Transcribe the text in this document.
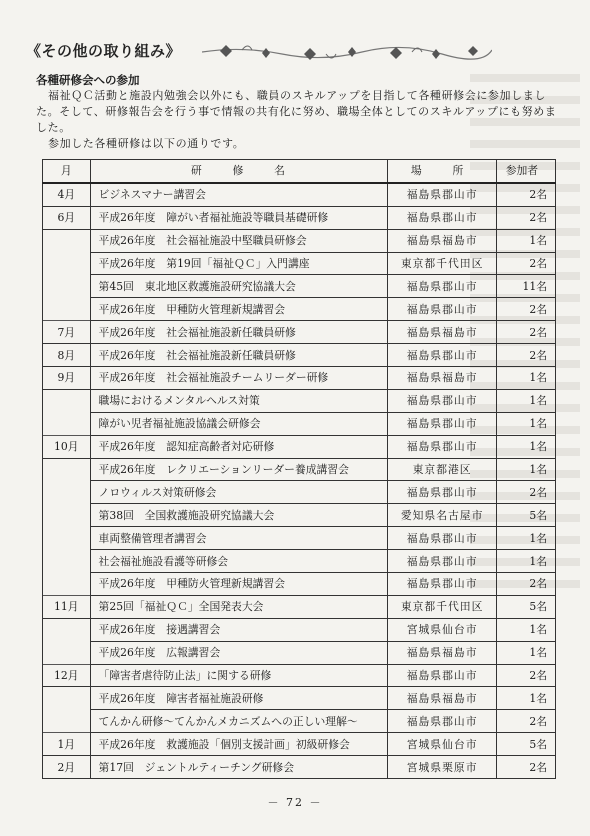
《その他の取り組み》
各種研修会への参加

福祉ＱＣ活動と施設内勉強会以外にも、職員のスキルアップを目指して各種研修会に参加しました。そして、研修報告会を行う事で情報の共有化に努め、職場全体としてのスキルアップにも努めました。

参加した各種研修は以下の通りです。

月	研　修　名	場　所	参加者
4月	ビジネスマナー講習会	福島県郡山市	2名
6月	平成26年度　障がい者福祉施設等職員基礎研修	福島県郡山市	2名
	平成26年度　社会福祉施設中堅職員研修会	福島県福島市	1名
	平成26年度　第19回「福祉ＱＣ」入門講座	東京都千代田区	2名
	第45回　東北地区救護施設研究協議大会	福島県郡山市	11名
	平成26年度　甲種防火管理新規講習会	福島県郡山市	2名
7月	平成26年度　社会福祉施設新任職員研修	福島県福島市	2名
8月	平成26年度　社会福祉施設新任職員研修	福島県郡山市	2名
9月	平成26年度　社会福祉施設チームリーダー研修	福島県福島市	1名
	職場におけるメンタルヘルス対策	福島県郡山市	1名
	障がい児者福祉施設協議会研修会	福島県郡山市	1名
10月	平成26年度　認知症高齢者対応研修	福島県郡山市	1名
	平成26年度　レクリエーションリーダー養成講習会	東京都港区	1名
	ノロウィルス対策研修会	福島県郡山市	2名
	第38回　全国救護施設研究協議大会	愛知県名古屋市	5名
	車両整備管理者講習会	福島県郡山市	1名
	社会福祉施設看護等研修会	福島県郡山市	1名
	平成26年度　甲種防火管理新規講習会	福島県郡山市	2名
11月	第25回「福祉ＱＣ」全国発表大会	東京都千代田区	5名
	平成26年度　接遇講習会	宮城県仙台市	1名
	平成26年度　広報講習会	福島県福島市	1名
12月	「障害者虐待防止法」に関する研修	福島県郡山市	2名
	平成26年度　障害者福祉施設研修	福島県福島市	1名
	てんかん研修～てんかんメカニズムへの正しい理解～	福島県郡山市	2名
1月	平成26年度　救護施設「個別支援計画」初級研修会	宮城県仙台市	5名
2月	第17回　ジェントルティーチング研修会	宮城県栗原市	2名
－ 72 －
